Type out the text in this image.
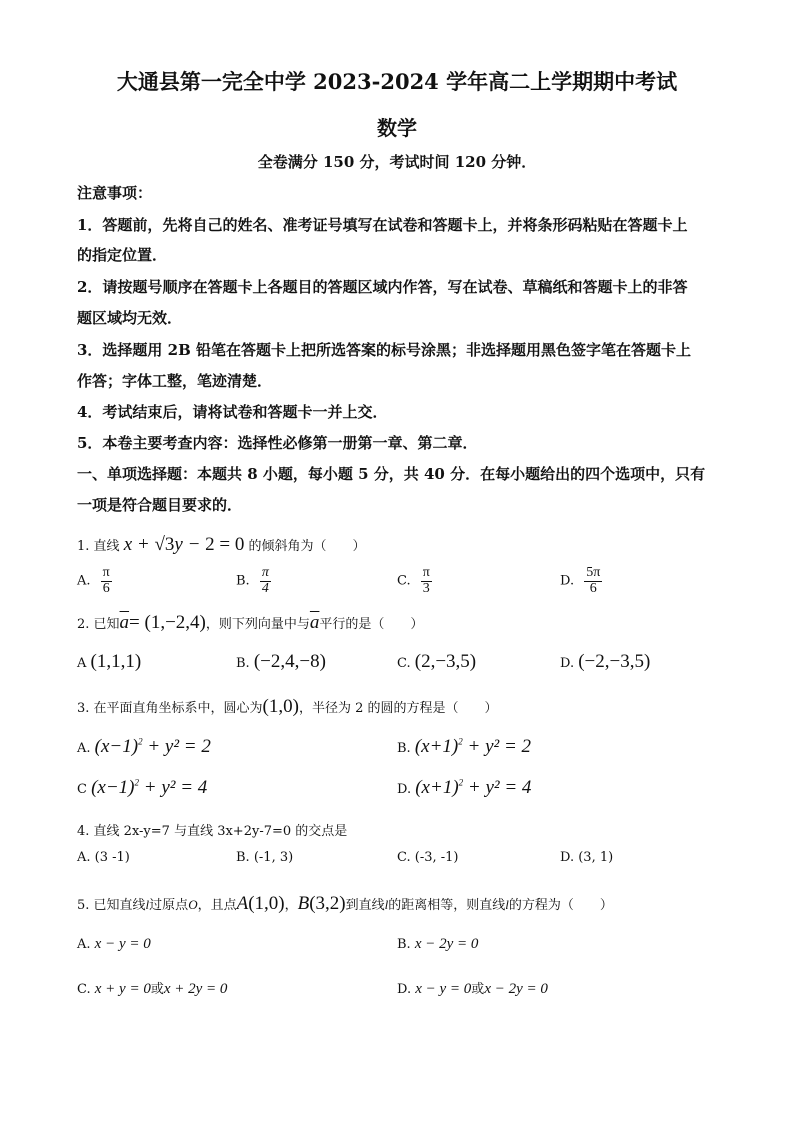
大通县第一完全中学 2023-2024 学年高二上学期期中考试
数学
全卷满分 150 分，考试时间 120 分钟．
注意事项：
1．答题前，先将自己的姓名、准考证号填写在试卷和答题卡上，并将条形码粘贴在答题卡上
的指定位置．
2．请按题号顺序在答题卡上各题目的答题区域内作答，写在试卷、草稿纸和答题卡上的非答
题区域均无效．
3．选择题用 2B 铅笔在答题卡上把所选答案的标号涂黑；非选择题用黑色签字笔在答题卡上
作答；字体工整，笔迹清楚．
4．考试结束后，请将试卷和答题卡一并上交．
5．本卷主要考查内容：选择性必修第一册第一章、第二章．
一、单项选择题：本题共 8 小题，每小题 5 分，共 40 分．在每小题给出的四个选项中，只有
一项是符合题目要求的．
1. 直线 x + √3y − 2 = 0 的倾斜角为（　　）
A. $\frac{\pi}{6}$	B. $\frac{\pi}{4}$	C. $\frac{\pi}{3}$	D. $\frac{5\pi}{6}$
2. 已知$\overline{a}= (1,-2,4)$，则下列向量中与$\overline{a}$平行的是（　　）
A (1,1,1)	B. (−2,4,−8)	C. (2,−3,5)	D. (−2,−3,5)
3. 在平面直角坐标系中，圆心为(1,0)，半径为 2 的圆的方程是（　　）
A. $(x-1)^2 + y^2 = 2$	B. $(x+1)^2 + y^2 = 2$
C $(x-1)^2 + y^2 = 4$	D. $(x+1)^2 + y^2 = 4$
4. 直线 2x-y=7 与直线 3x+2y-7=0 的交点是
A. (3 -1)	B. (-1, 3)	C. (-3, -1)	D. (3, 1)
5. 已知直线l过原点O，且点A(1,0)，B(3,2)到直线l的距离相等，则直线l的方程为（　　）
A. x − y = 0	B. x − 2y = 0
C. x + y = 0或x + 2y = 0	D. x − y = 0或x − 2y = 0
